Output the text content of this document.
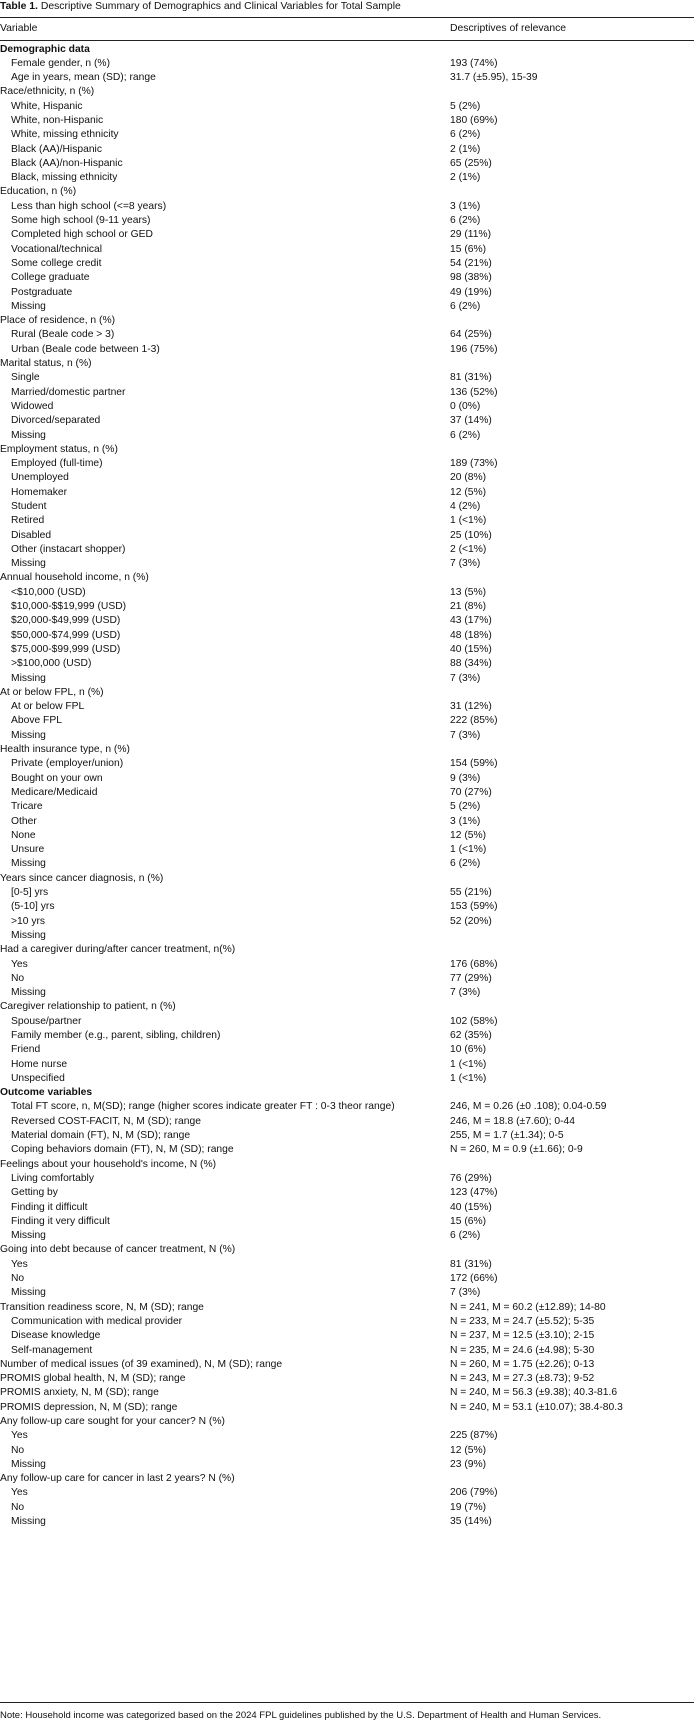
Table 1. Descriptive Summary of Demographics and Clinical Variables for Total Sample
Variable	Descriptives of relevance
Demographic data
Female gender, n (%)	193 (74%)
Age in years, mean (SD); range	31.7 (±5.95), 15-39
Race/ethnicity, n (%)
White, Hispanic	5 (2%)
White, non-Hispanic	180 (69%)
White, missing ethnicity	6 (2%)
Black (AA)/Hispanic	2 (1%)
Black (AA)/non-Hispanic	65 (25%)
Black, missing ethnicity	2 (1%)
Education, n (%)
Less than high school (<=8 years)	3 (1%)
Some high school (9-11 years)	6 (2%)
Completed high school or GED	29 (11%)
Vocational/technical	15 (6%)
Some college credit	54 (21%)
College graduate	98 (38%)
Postgraduate	49 (19%)
Missing	6 (2%)
Place of residence, n (%)
Rural (Beale code > 3)	64 (25%)
Urban (Beale code between 1-3)	196 (75%)
Marital status, n (%)
Single	81 (31%)
Married/domestic partner	136 (52%)
Widowed	0 (0%)
Divorced/separated	37 (14%)
Missing	6 (2%)
Employment status, n (%)
Employed (full-time)	189 (73%)
Unemployed	20 (8%)
Homemaker	12 (5%)
Student	4 (2%)
Retired	1 (<1%)
Disabled	25 (10%)
Other (instacart shopper)	2 (<1%)
Missing	7 (3%)
Annual household income, n (%)
<$10,000 (USD)	13 (5%)
$10,000-$$19,999 (USD)	21 (8%)
$20,000-$49,999 (USD)	43 (17%)
$50,000-$74,999 (USD)	48 (18%)
$75,000-$99,999 (USD)	40 (15%)
>$100,000 (USD)	88 (34%)
Missing	7 (3%)
At or below FPL, n (%)
At or below FPL	31 (12%)
Above FPL	222 (85%)
Missing	7 (3%)
Health insurance type, n (%)
Private (employer/union)	154 (59%)
Bought on your own	9 (3%)
Medicare/Medicaid	70 (27%)
Tricare	5 (2%)
Other	3 (1%)
None	12 (5%)
Unsure	1 (<1%)
Missing	6 (2%)
Years since cancer diagnosis, n (%)
[0-5] yrs	55 (21%)
(5-10] yrs	153 (59%)
>10 yrs	52 (20%)
Missing
Had a caregiver during/after cancer treatment, n(%)
Yes	176 (68%)
No	77 (29%)
Missing	7 (3%)
Caregiver relationship to patient, n (%)
Spouse/partner	102 (58%)
Family member (e.g., parent, sibling, children)	62 (35%)
Friend	10 (6%)
Home nurse	1 (<1%)
Unspecified	1 (<1%)
Outcome variables
Total FT score, n, M(SD); range (higher scores indicate greater FT : 0-3 theor range)	246, M = 0.26 (±0 .108); 0.04-0.59
Reversed COST-FACIT, N, M (SD); range	246, M = 18.8 (±7.60); 0-44
Material domain (FT), N, M (SD); range	255, M = 1.7 (±1.34); 0-5
Coping behaviors domain (FT), N, M (SD); range	N = 260, M = 0.9 (±1.66); 0-9
Feelings about your household's income, N (%)
Living comfortably	76 (29%)
Getting by	123 (47%)
Finding it difficult	40 (15%)
Finding it very difficult	15 (6%)
Missing	6 (2%)
Going into debt because of cancer treatment, N (%)
Yes	81 (31%)
No	172 (66%)
Missing	7 (3%)
Transition readiness score, N, M (SD); range	N = 241, M = 60.2 (±12.89); 14-80
Communication with medical provider	N = 233, M = 24.7 (±5.52); 5-35
Disease knowledge	N = 237, M = 12.5 (±3.10); 2-15
Self-management	N = 235, M = 24.6 (±4.98); 5-30
Number of medical issues (of 39 examined), N, M (SD); range	N = 260, M = 1.75 (±2.26); 0-13
PROMIS global health, N, M (SD); range	N = 243, M = 27.3 (±8.73); 9-52
PROMIS anxiety, N, M (SD); range	N = 240, M = 56.3 (±9.38); 40.3-81.6
PROMIS depression, N, M (SD); range	N = 240, M = 53.1 (±10.07); 38.4-80.3
Any follow-up care sought for your cancer? N (%)
Yes	225 (87%)
No	12 (5%)
Missing	23 (9%)
Any follow-up care for cancer in last 2 years? N (%)
Yes	206 (79%)
No	19 (7%)
Missing	35 (14%)
Note: Household income was categorized based on the 2024 FPL guidelines published by the U.S. Department of Health and Human Services.
